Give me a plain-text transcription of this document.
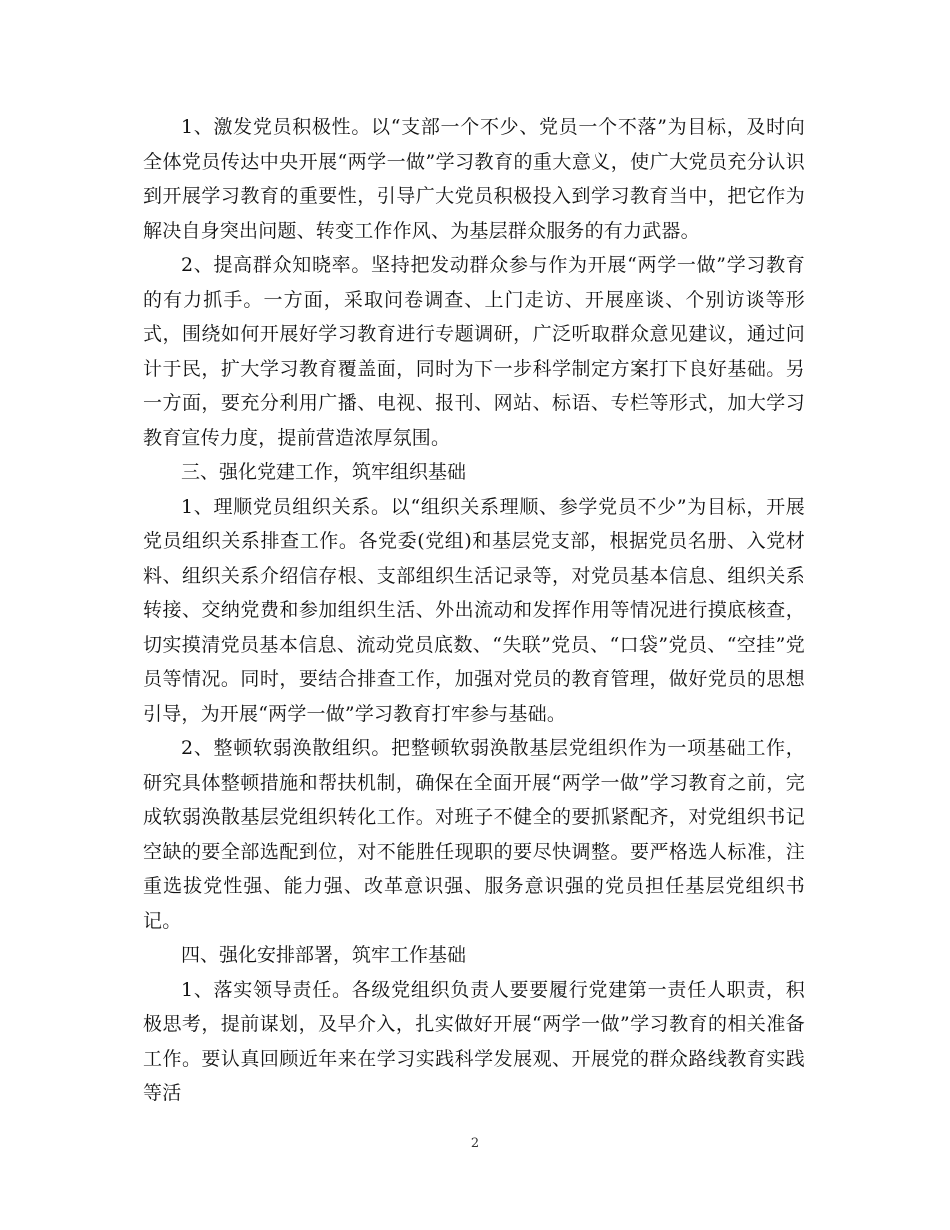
1、激发党员积极性。以“支部一个不少、党员一个不落”为目标，及时向全体党员传达中央开展“两学一做”学习教育的重大意义，使广大党员充分认识到开展学习教育的重要性，引导广大党员积极投入到学习教育当中，把它作为解决自身突出问题、转变工作作风、为基层群众服务的有力武器。

2、提高群众知晓率。坚持把发动群众参与作为开展“两学一做”学习教育的有力抓手。一方面，采取问卷调查、上门走访、开展座谈、个别访谈等形式，围绕如何开展好学习教育进行专题调研，广泛听取群众意见建议，通过问计于民，扩大学习教育覆盖面，同时为下一步科学制定方案打下良好基础。另一方面，要充分利用广播、电视、报刊、网站、标语、专栏等形式，加大学习教育宣传力度，提前营造浓厚氛围。

三、强化党建工作，筑牢组织基础

1、理顺党员组织关系。以“组织关系理顺、参学党员不少”为目标，开展党员组织关系排查工作。各党委(党组)和基层党支部，根据党员名册、入党材料、组织关系介绍信存根、支部组织生活记录等，对党员基本信息、组织关系转接、交纳党费和参加组织生活、外出流动和发挥作用等情况进行摸底核查，切实摸清党员基本信息、流动党员底数、“失联”党员、“口袋”党员、“空挂”党员等情况。同时，要结合排查工作，加强对党员的教育管理，做好党员的思想引导，为开展“两学一做”学习教育打牢参与基础。

2、整顿软弱涣散组织。把整顿软弱涣散基层党组织作为一项基础工作，研究具体整顿措施和帮扶机制，确保在全面开展“两学一做”学习教育之前，完成软弱涣散基层党组织转化工作。对班子不健全的要抓紧配齐，对党组织书记空缺的要全部选配到位，对不能胜任现职的要尽快调整。要严格选人标准，注重选拔党性强、能力强、改革意识强、服务意识强的党员担任基层党组织书记。

四、强化安排部署，筑牢工作基础

1、落实领导责任。各级党组织负责人要要履行党建第一责任人职责，积极思考，提前谋划，及早介入，扎实做好开展“两学一做”学习教育的相关准备工作。要认真回顾近年来在学习实践科学发展观、开展党的群众路线教育实践等活

2
